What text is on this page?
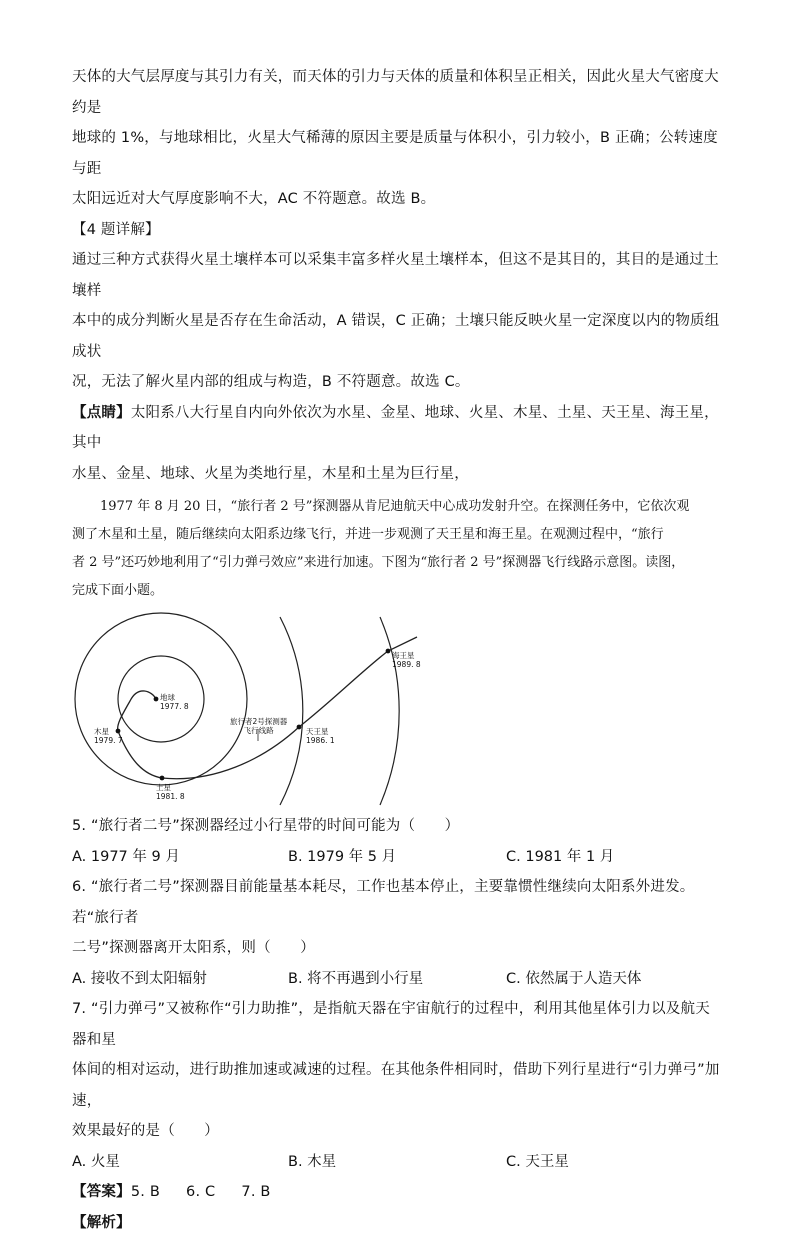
天体的大气层厚度与其引力有关，而天体的引力与天体的质量和体积呈正相关，因此火星大气密度大约是

地球的 1%，与地球相比，火星大气稀薄的原因主要是质量与体积小，引力较小，B 正确；公转速度与距

太阳远近对大气厚度影响不大，AC 不符题意。故选 B。

【4 题详解】

通过三种方式获得火星土壤样本可以采集丰富多样火星土壤样本，但这不是其目的，其目的是通过土壤样

本中的成分判断火星是否存在生命活动，A 错误，C 正确；土壤只能反映火星一定深度以内的物质组成状

况，无法了解火星内部的组成与构造，B 不符题意。故选 C。

【点睛】太阳系八大行星自内向外依次为水星、金星、地球、火星、木星、土星、天王星、海王星，其中

水星、金星、地球、火星为类地行星，木星和土星为巨行星，

1977 年 8 月 20 日，“旅行者 2 号”探测器从肯尼迪航天中心成功发射升空。在探测任务中，它依次观

测了木星和土星，随后继续向太阳系边缘飞行，并进一步观测了天王星和海王星。在观测过程中，“旅行

者 2 号”还巧妙地利用了“引力弹弓效应”来进行加速。下图为“旅行者 2 号”探测器飞行线路示意图。读图，

完成下面小题。

地球
1977. 8
木星
1979. 7
土星
1981. 8
天王星
1986. 1
海王星
1989. 8
旅行者2号探测器
飞行线路

5. “旅行者二号”探测器经过小行星带的时间可能为（　　）

A. 1977 年 9 月	B. 1979 年 5 月	C. 1981 年 1 月

6. “旅行者二号”探测器目前能量基本耗尽，工作也基本停止，主要靠惯性继续向太阳系外进发。若“旅行者

二号”探测器离开太阳系，则（　　）

A. 接收不到太阳辐射	B. 将不再遇到小行星	C. 依然属于人造天体

7. “引力弹弓”又被称作“引力助推”，是指航天器在宇宙航行的过程中，利用其他星体引力以及航天器和星

体间的相对运动，进行助推加速或减速的过程。在其他条件相同时，借助下列行星进行“引力弹弓”加速，

效果最好的是（　　）

A. 火星	B. 木星	C. 天王星

【答案】5. B 6. C 7. B

【解析】
